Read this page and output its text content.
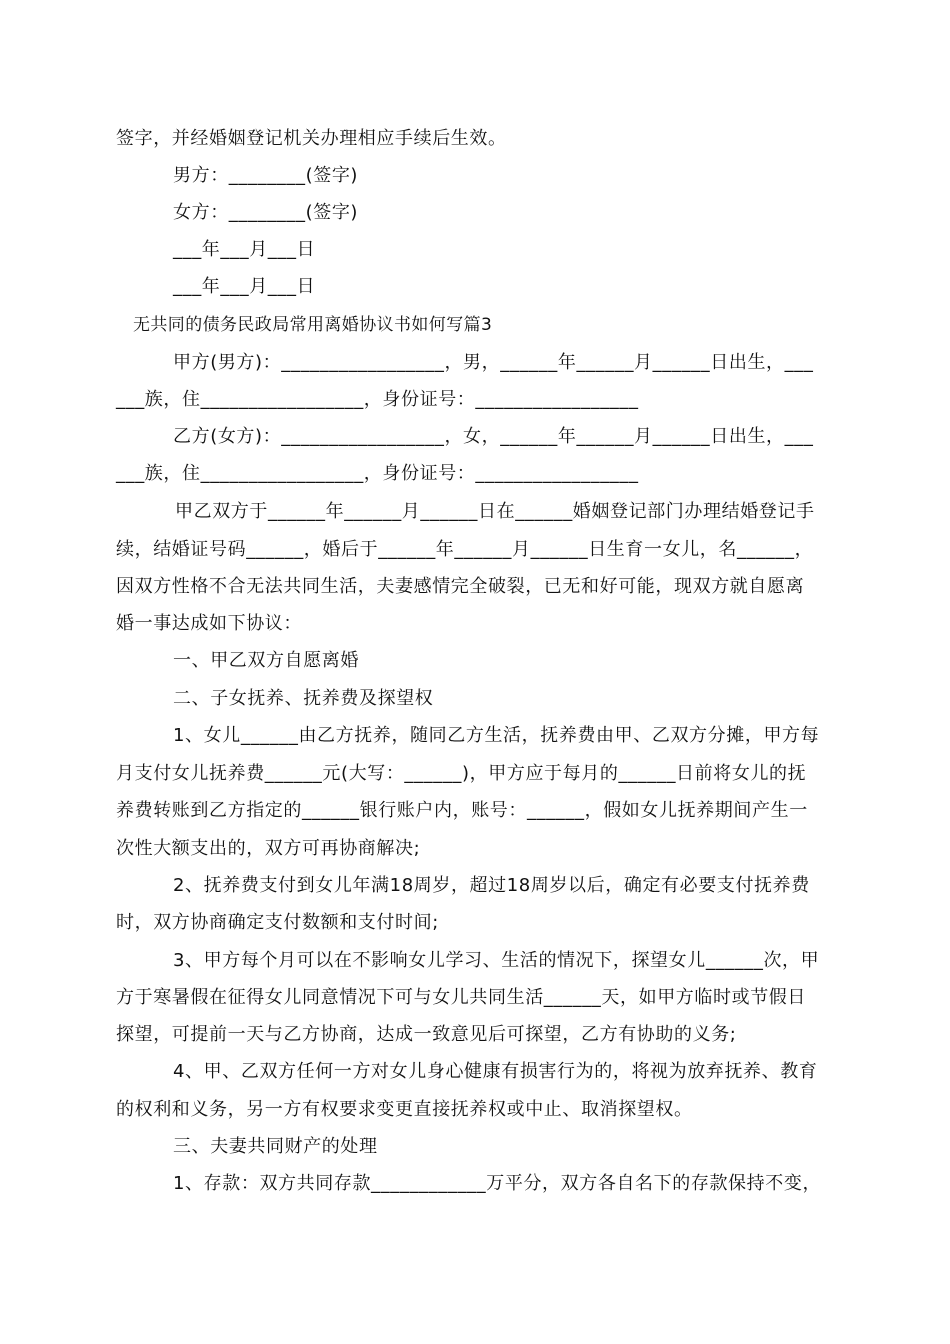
签字，并经婚姻登记机关办理相应手续后生效。
男方：________(签字)
女方：________(签字)
___年___月___日
___年___月___日
无共同的债务民政局常用离婚协议书如何写篇3
甲方(男方)：_________________，男，______年______月______日出生，___
___族，住_________________，身份证号：_________________
乙方(女方)：_________________，女，______年______月______日出生，___
___族，住_________________，身份证号：_________________
甲乙双方于______年______月______日在______婚姻登记部门办理结婚登记手
续，结婚证号码______，婚后于______年______月______日生育一女儿，名______，
因双方性格不合无法共同生活，夫妻感情完全破裂，已无和好可能，现双方就自愿离
婚一事达成如下协议：
一、甲乙双方自愿离婚
二、子女抚养、抚养费及探望权
1、女儿______由乙方抚养，随同乙方生活，抚养费由甲、乙双方分摊，甲方每
月支付女儿抚养费______元(大写：______)，甲方应于每月的______日前将女儿的抚
养费转账到乙方指定的______银行账户内，账号：______，假如女儿抚养期间产生一
次性大额支出的，双方可再协商解决;
2、抚养费支付到女儿年满18周岁，超过18周岁以后，确定有必要支付抚养费
时，双方协商确定支付数额和支付时间;
3、甲方每个月可以在不影响女儿学习、生活的情况下，探望女儿______次，甲
方于寒暑假在征得女儿同意情况下可与女儿共同生活______天，如甲方临时或节假日
探望，可提前一天与乙方协商，达成一致意见后可探望，乙方有协助的义务;
4、甲、乙双方任何一方对女儿身心健康有损害行为的，将视为放弃抚养、教育
的权利和义务，另一方有权要求变更直接抚养权或中止、取消探望权。
三、夫妻共同财产的处理
1、存款：双方共同存款____________万平分，双方各自名下的存款保持不变，
